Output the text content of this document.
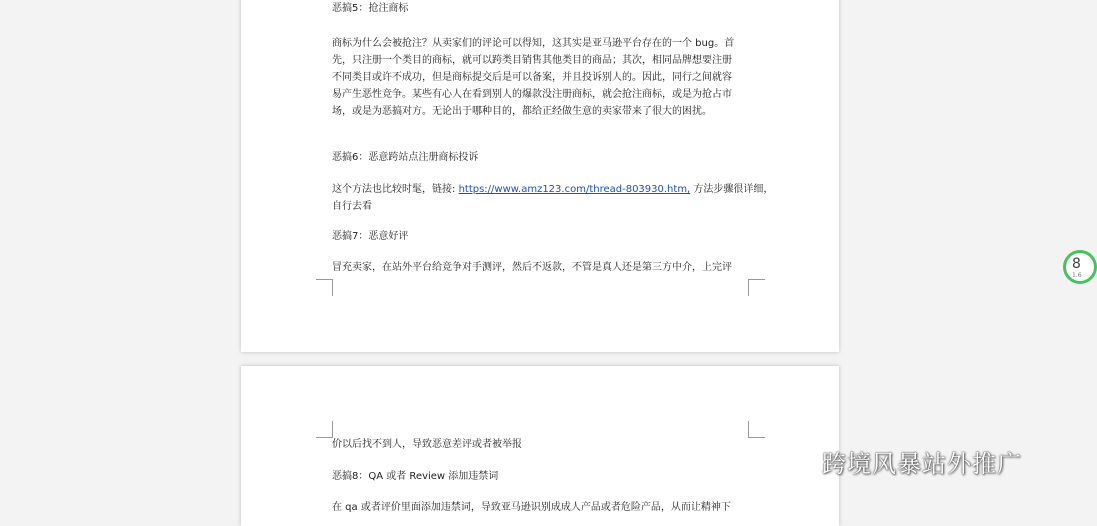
恶搞5：抢注商标
商标为什么会被抢注？从卖家们的评论可以得知，这其实是亚马逊平台存在的一个 bug。首
先，只注册一个类目的商标，就可以跨类目销售其他类目的商品；其次，相同品牌想要注册
不同类目或许不成功，但是商标提交后是可以备案，并且投诉别人的。因此，同行之间就容
易产生恶性竞争。某些有心人在看到别人的爆款没注册商标，就会抢注商标，或是为抢占市
场，或是为恶搞对方。无论出于哪种目的，都给正经做生意的卖家带来了很大的困扰。
恶搞6：恶意跨站点注册商标投诉
这个方法也比较时髦，链接: https://www.amz123.com/thread-803930.htm, 方法步骤很详细，
自行去看
恶搞7：恶意好评
冒充卖家，在站外平台给竞争对手测评，然后不返款，不管是真人还是第三方中介，上完评
价以后找不到人，导致恶意差评或者被举报
恶搞8：QA 或者 Review 添加违禁词
在 qa 或者评价里面添加违禁词，导致亚马逊识别成成人产品或者危险产品，从而让精神下
8
1.6
跨境风暴站外推广
